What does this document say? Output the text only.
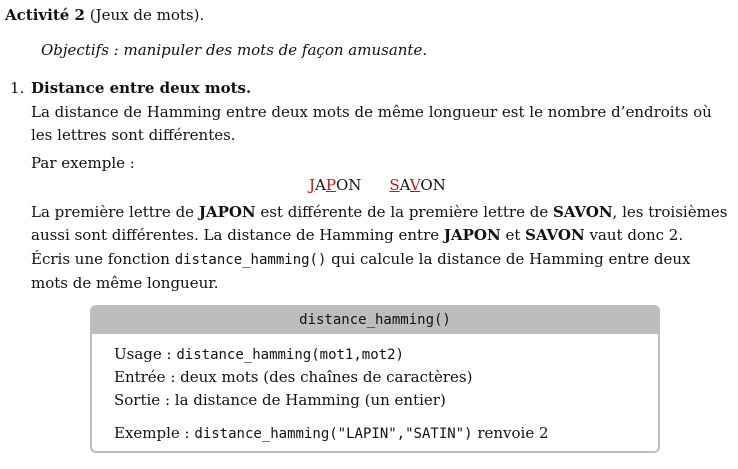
Activité 2 (Jeux de mots).
Objectifs : manipuler des mots de façon amusante.
1. Distance entre deux mots.
La distance de Hamming entre deux mots de même longueur est le nombre d’endroits où les lettres sont différentes.
Par exemple :
JAPON SAVON
La première lettre de JAPON est différente de la première lettre de SAVON, les troisièmes aussi sont différentes. La distance de Hamming entre JAPON et SAVON vaut donc 2.
Écris une fonction distance_hamming() qui calcule la distance de Hamming entre deux mots de même longueur.
distance_hamming()
Usage : distance_hamming(mot1,mot2)
Entrée : deux mots (des chaînes de caractères)
Sortie : la distance de Hamming (un entier)
Exemple : distance_hamming("LAPIN","SATIN") renvoie 2
